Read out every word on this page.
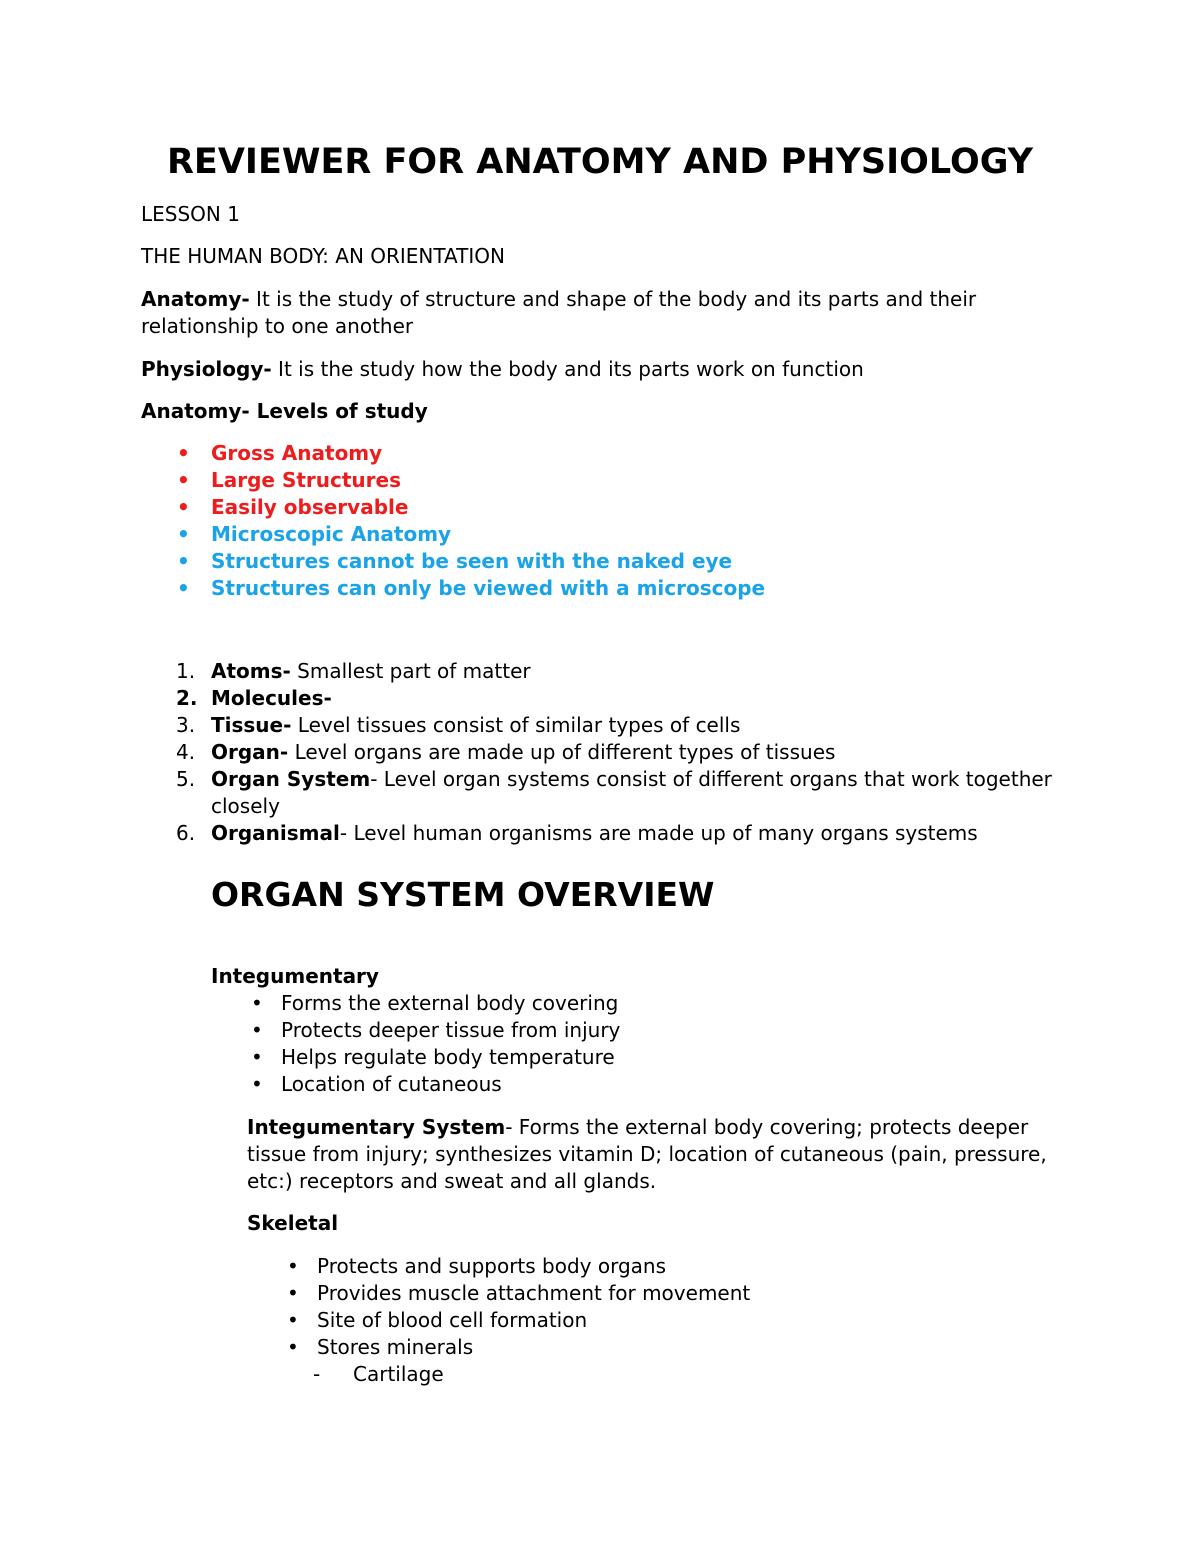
REVIEWER FOR ANATOMY AND PHYSIOLOGY
LESSON 1
THE HUMAN BODY: AN ORIENTATION
Anatomy- It is the study of structure and shape of the body and its parts and their relationship to one another
Physiology- It is the study how the body and its parts work on function
Anatomy- Levels of study
• Gross Anatomy
• Large Structures
• Easily observable
• Microscopic Anatomy
• Structures cannot be seen with the naked eye
• Structures can only be viewed with a microscope
1. Atoms- Smallest part of matter
2. Molecules-
3. Tissue- Level tissues consist of similar types of cells
4. Organ- Level organs are made up of different types of tissues
5. Organ System- Level organ systems consist of different organs that work together closely
6. Organismal- Level human organisms are made up of many organs systems
ORGAN SYSTEM OVERVIEW
Integumentary
• Forms the external body covering
• Protects deeper tissue from injury
• Helps regulate body temperature
• Location of cutaneous
Integumentary System- Forms the external body covering; protects deeper tissue from injury; synthesizes vitamin D; location of cutaneous (pain, pressure, etc:) receptors and sweat and all glands.
Skeletal
• Protects and supports body organs
• Provides muscle attachment for movement
• Site of blood cell formation
• Stores minerals
- Cartilage
